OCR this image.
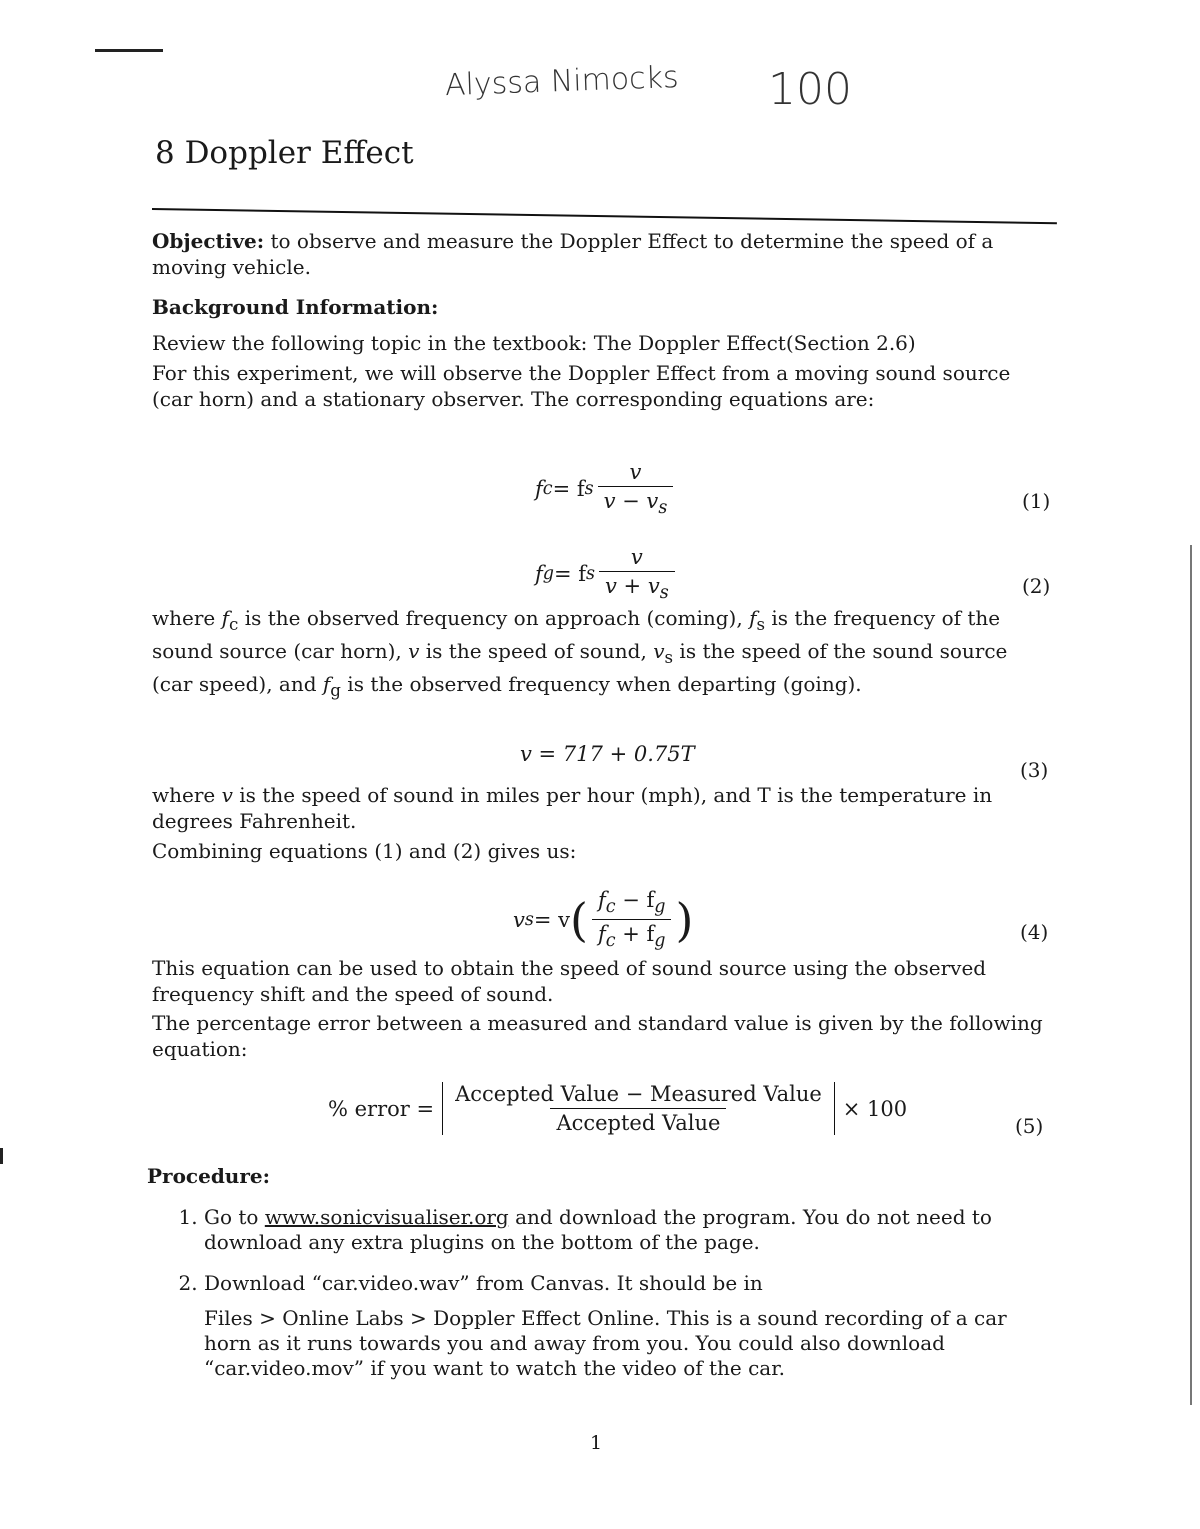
Alyssa Nimocks 100
8 Doppler Effect

Objective: to observe and measure the Doppler Effect to determine the speed of a moving vehicle.

Background Information:

Review the following topic in the textbook: The Doppler Effect(Section 2.6)

For this experiment, we will observe the Doppler Effect from a moving sound source (car horn) and a stationary observer. The corresponding equations are:

f c = f s $\frac{v}{v - v_s}$	(1)
f g = f s $\frac{v}{v + v_s}$	(2)

where $f_c$ is the observed frequency on approach (coming), $f_s$ is the frequency of the sound source (car horn), v is the speed of sound, $v_s$ is the speed of the sound source (car speed), and $f_g$ is the observed frequency when departing (going).

v = 717 + 0.75T
(3)

where v is the speed of sound in miles per hour (mph), and T is the temperature in degrees Fahrenheit.

Combining equations (1) and (2) gives us:

v s = v ( $\frac{f_c - f_g}{f_c + f_g}$ )	(4)

This equation can be used to obtain the speed of sound source using the observed frequency shift and the speed of sound.

The percentage error between a measured and standard value is given by the following equation:

% error = $\frac{\text{Accepted Value − Measured Value}}{\text{Accepted Value}} \times 100$
(5)

Procedure:

1. Go to www.sonicvisualiser.org and download the program. You do not need to download any extra plugins on the bottom of the page.

2. Download “car.video.wav” from Canvas. It should be in

Files > Online Labs > Doppler Effect Online. This is a sound recording of a car horn as it runs towards you and away from you. You could also download “car.video.mov” if you want to watch the video of the car.

1
